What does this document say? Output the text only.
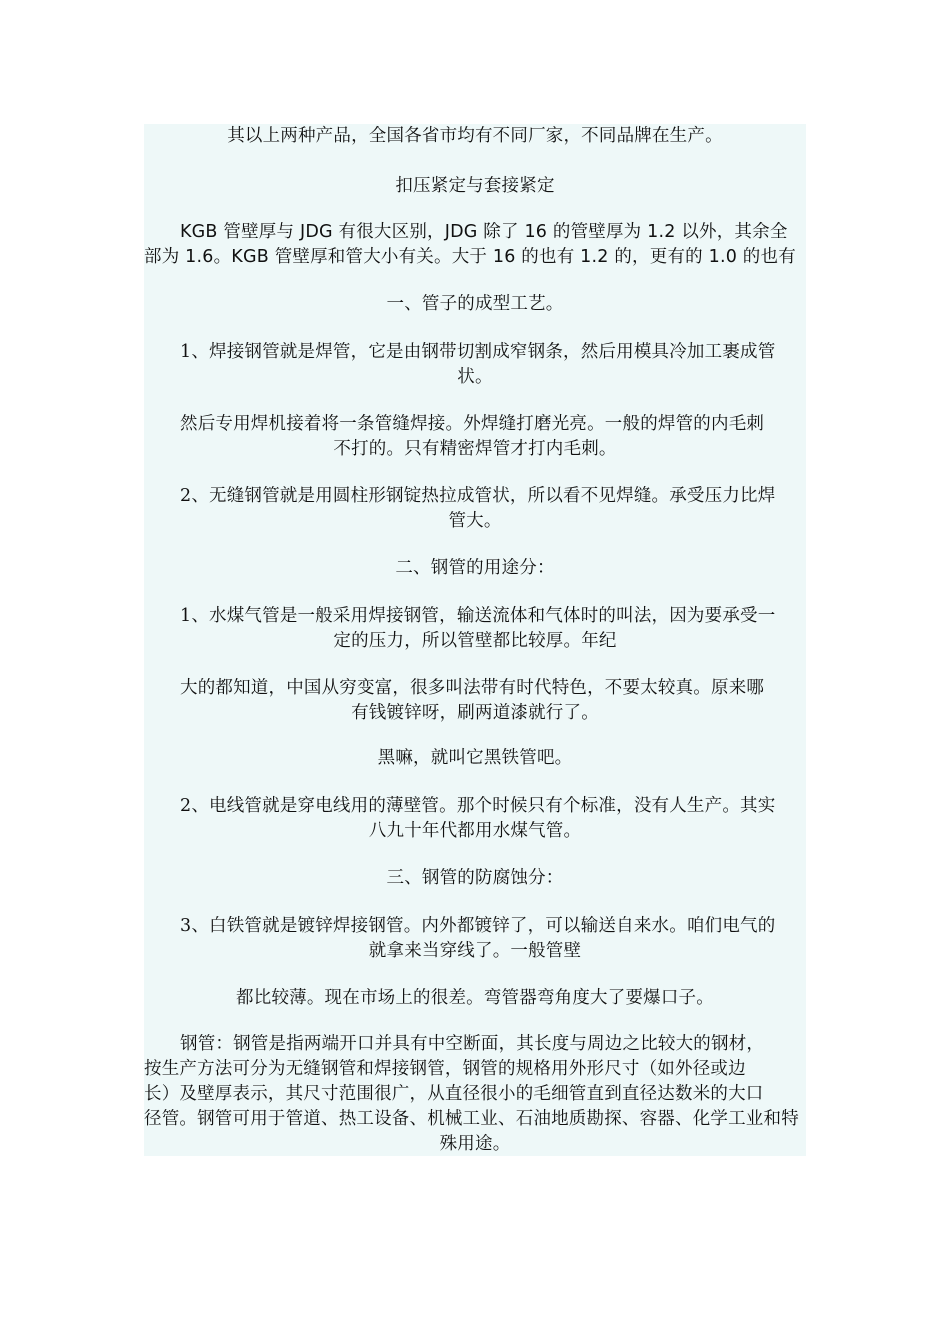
其以上两种产品，全国各省市均有不同厂家，不同品牌在生产。
扣压紧定与套接紧定
KGB 管壁厚与 JDG 有很大区别，JDG 除了 16 的管壁厚为 1.2 以外，其余全
部为 1.6。KGB 管壁厚和管大小有关。大于 16 的也有 1.2 的，更有的 1.0 的也有
一、管子的成型工艺。
1、焊接钢管就是焊管，它是由钢带切割成窄钢条，然后用模具冷加工裹成管
状。
然后专用焊机接着将一条管缝焊接。外焊缝打磨光亮。一般的焊管的内毛刺
不打的。只有精密焊管才打内毛刺。
2、无缝钢管就是用圆柱形钢锭热拉成管状，所以看不见焊缝。承受压力比焊
管大。
二、钢管的用途分：
1、水煤气管是一般采用焊接钢管，输送流体和气体时的叫法，因为要承受一
定的压力，所以管壁都比较厚。年纪
大的都知道，中国从穷变富，很多叫法带有时代特色，不要太较真。原来哪
有钱镀锌呀，刷两道漆就行了。
黑嘛，就叫它黑铁管吧。
2、电线管就是穿电线用的薄壁管。那个时候只有个标准，没有人生产。其实
八九十年代都用水煤气管。
三、钢管的防腐蚀分：
3、白铁管就是镀锌焊接钢管。内外都镀锌了，可以输送自来水。咱们电气的
就拿来当穿线了。一般管壁
都比较薄。现在市场上的很差。弯管器弯角度大了要爆口子。
钢管：钢管是指两端开口并具有中空断面，其长度与周边之比较大的钢材，
按生产方法可分为无缝钢管和焊接钢管，钢管的规格用外形尺寸（如外径或边
长）及壁厚表示，其尺寸范围很广，从直径很小的毛细管直到直径达数米的大口
径管。钢管可用于管道、热工设备、机械工业、石油地质勘探、容器、化学工业和特
殊用途。
